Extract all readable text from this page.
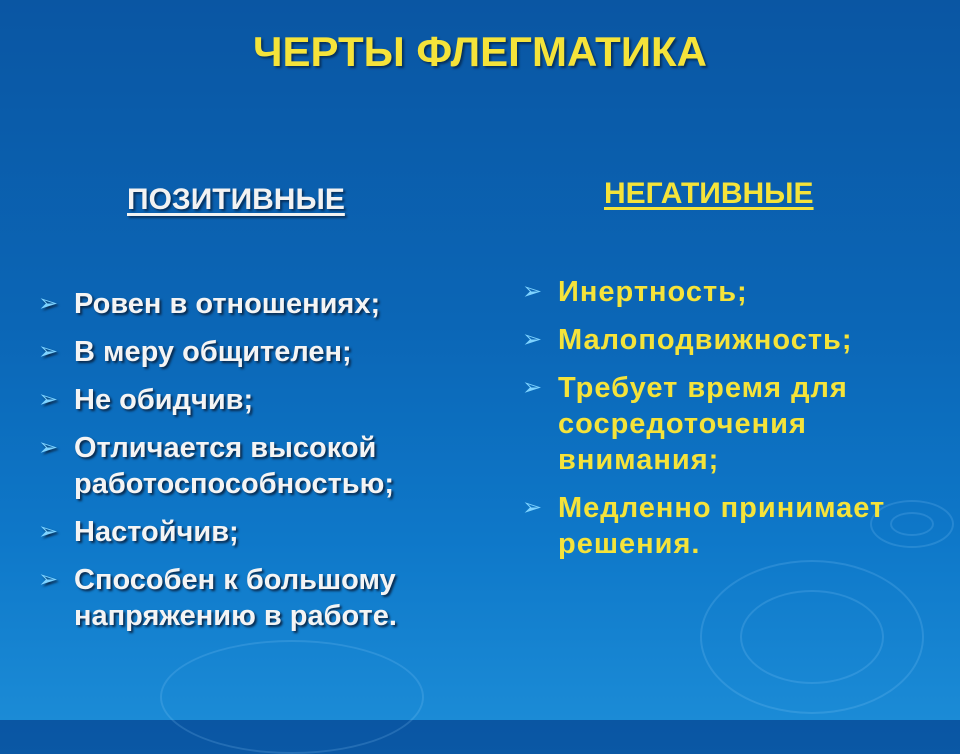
ЧЕРТЫ ФЛЕГМАТИКА
ПОЗИТИВНЫЕ	НЕГАТИВНЫЕ
➢ Ровен в отношениях;
➢ В меру общителен;
➢ Не обидчив;
➢ Отличается высокой работоспособностью;
➢ Настойчив;
➢ Способен к большому напряжению в работе.
➢ Инертность;
➢ Малоподвижность;
➢ Требует время для сосредоточения внимания;
➢ Медленно принимает решения.
